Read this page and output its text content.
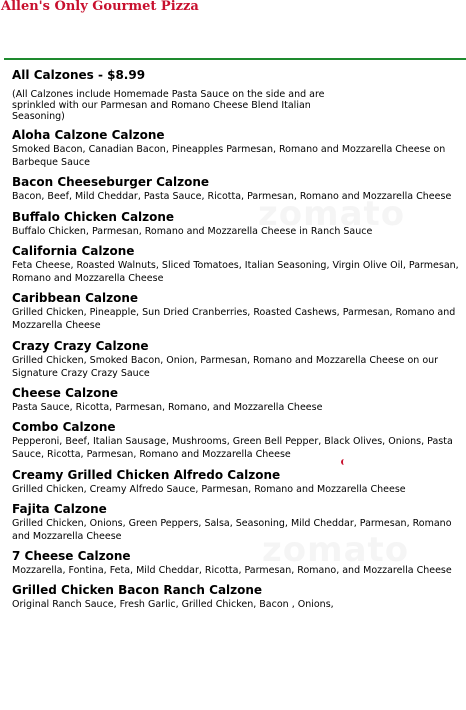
Allen's Only Gourmet Pizza
All Calzones - $8.99

(All Calzones include Homemade Pasta Sauce on the side and are sprinkled with our Parmesan and Romano Cheese Blend Italian Seasoning)

Aloha Calzone Calzone

Smoked Bacon, Canadian Bacon, Pineapples Parmesan, Romano and Mozzarella Cheese on Barbeque Sauce

Bacon Cheeseburger Calzone

Bacon, Beef, Mild Cheddar, Pasta Sauce, Ricotta, Parmesan, Romano and Mozzarella Cheese

Buffalo Chicken Calzone

Buffalo Chicken, Parmesan, Romano and Mozzarella Cheese in Ranch Sauce

California Calzone

Feta Cheese, Roasted Walnuts, Sliced Tomatoes, Italian Seasoning, Virgin Olive Oil, Parmesan, Romano and Mozzarella Cheese

Caribbean Calzone

Grilled Chicken, Pineapple, Sun Dried Cranberries, Roasted Cashews, Parmesan, Romano and Mozzarella Cheese

Crazy Crazy Calzone

Grilled Chicken, Smoked Bacon, Onion, Parmesan, Romano and Mozzarella Cheese on our Signature Crazy Crazy Sauce

Cheese Calzone

Pasta Sauce, Ricotta, Parmesan, Romano, and Mozzarella Cheese

Combo Calzone

Pepperoni, Beef, Italian Sausage, Mushrooms, Green Bell Pepper, Black Olives, Onions, Pasta Sauce, Ricotta, Parmesan, Romano and Mozzarella Cheese

Creamy Grilled Chicken Alfredo Calzone

Grilled Chicken, Creamy Alfredo Sauce, Parmesan, Romano and Mozzarella Cheese

Fajita Calzone

Grilled Chicken, Onions, Green Peppers, Salsa, Seasoning, Mild Cheddar, Parmesan, Romano and Mozzarella Cheese

7 Cheese Calzone

Mozzarella, Fontina, Feta, Mild Cheddar, Ricotta, Parmesan, Romano, and Mozzarella Cheese

Grilled Chicken Bacon Ranch Calzone

Original Ranch Sauce, Fresh Garlic, Grilled Chicken, Bacon , Onions,
